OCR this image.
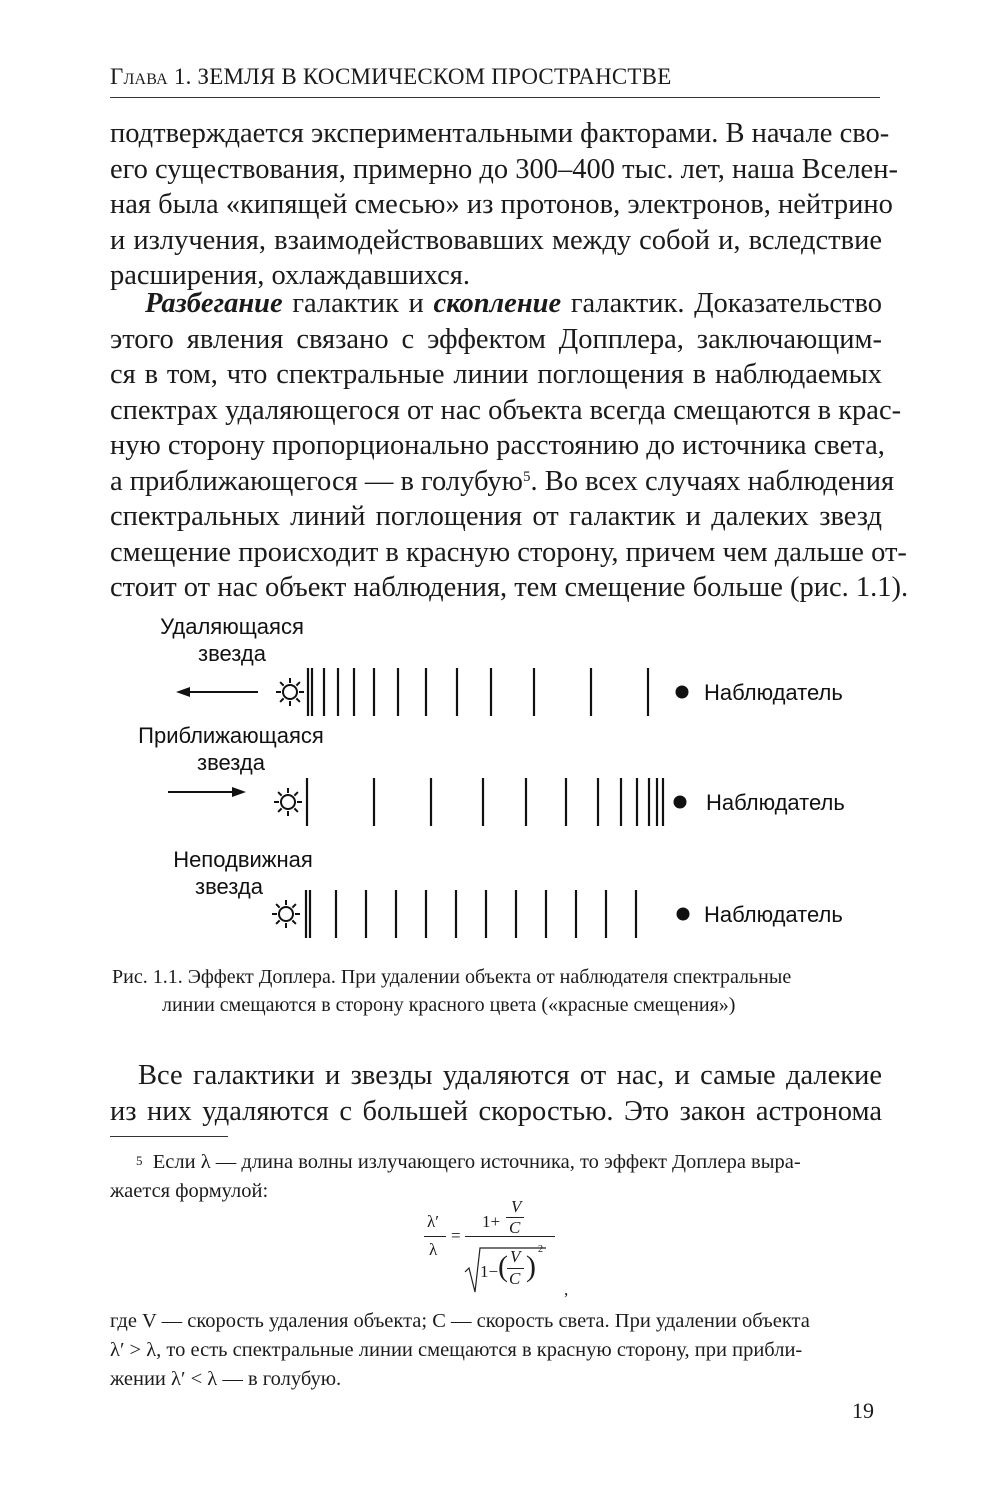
Глава 1. ЗЕМЛЯ В КОСМИЧЕСКОМ ПРОСТРАНСТВЕ
подтверждается экспериментальными факторами. В начале сво-
его существования, примерно до 300–400 тыс. лет, наша Вселен-
ная была «кипящей смесью» из протонов, электронов, нейтрино
и излучения, взаимодействовавших между собой и, вследствие
расширения, охлаждавшихся.
Разбегание галактик и скопление галактик. Доказательство
этого явления связано с эффектом Допплера, заключающим-
ся в том, что спектральные линии поглощения в наблюдаемых
спектрах удаляющегося от нас объекта всегда смещаются в крас-
ную сторону пропорционально расстоянию до источника света,
а приближающегося — в голубую$^5$. Во всех случаях наблюдения
спектральных линий поглощения от галактик и далеких звезд
смещение происходит в красную сторону, причем чем дальше от-
стоит от нас объект наблюдения, тем смещение больше (рис. 1.1).
Удаляющаяся
звезда
Приближающаяся
звезда
Неподвижная
звезда
Наблюдатель
Наблюдатель
Наблюдатель
Рис. 1.1. Эффект Доплера. При удалении объекта от наблюдателя спектральные
линии смещаются в сторону красного цвета («красные смещения»)
Все галактики и звезды удаляются от нас, и самые далекие
из них удаляются с большей скоростью. Это закон астронома
$^5$ Если λ — длина волны излучающего источника, то эффект Доплера выра-
жается формулой:
λ′
λ
=
1+
V
C
1− ( V
C )
2
,
где V — скорость удаления объекта; C — скорость света. При удалении объекта
λ′ > λ, то есть спектральные линии смещаются в красную сторону, при прибли-
жении λ′ < λ — в голубую.
19
